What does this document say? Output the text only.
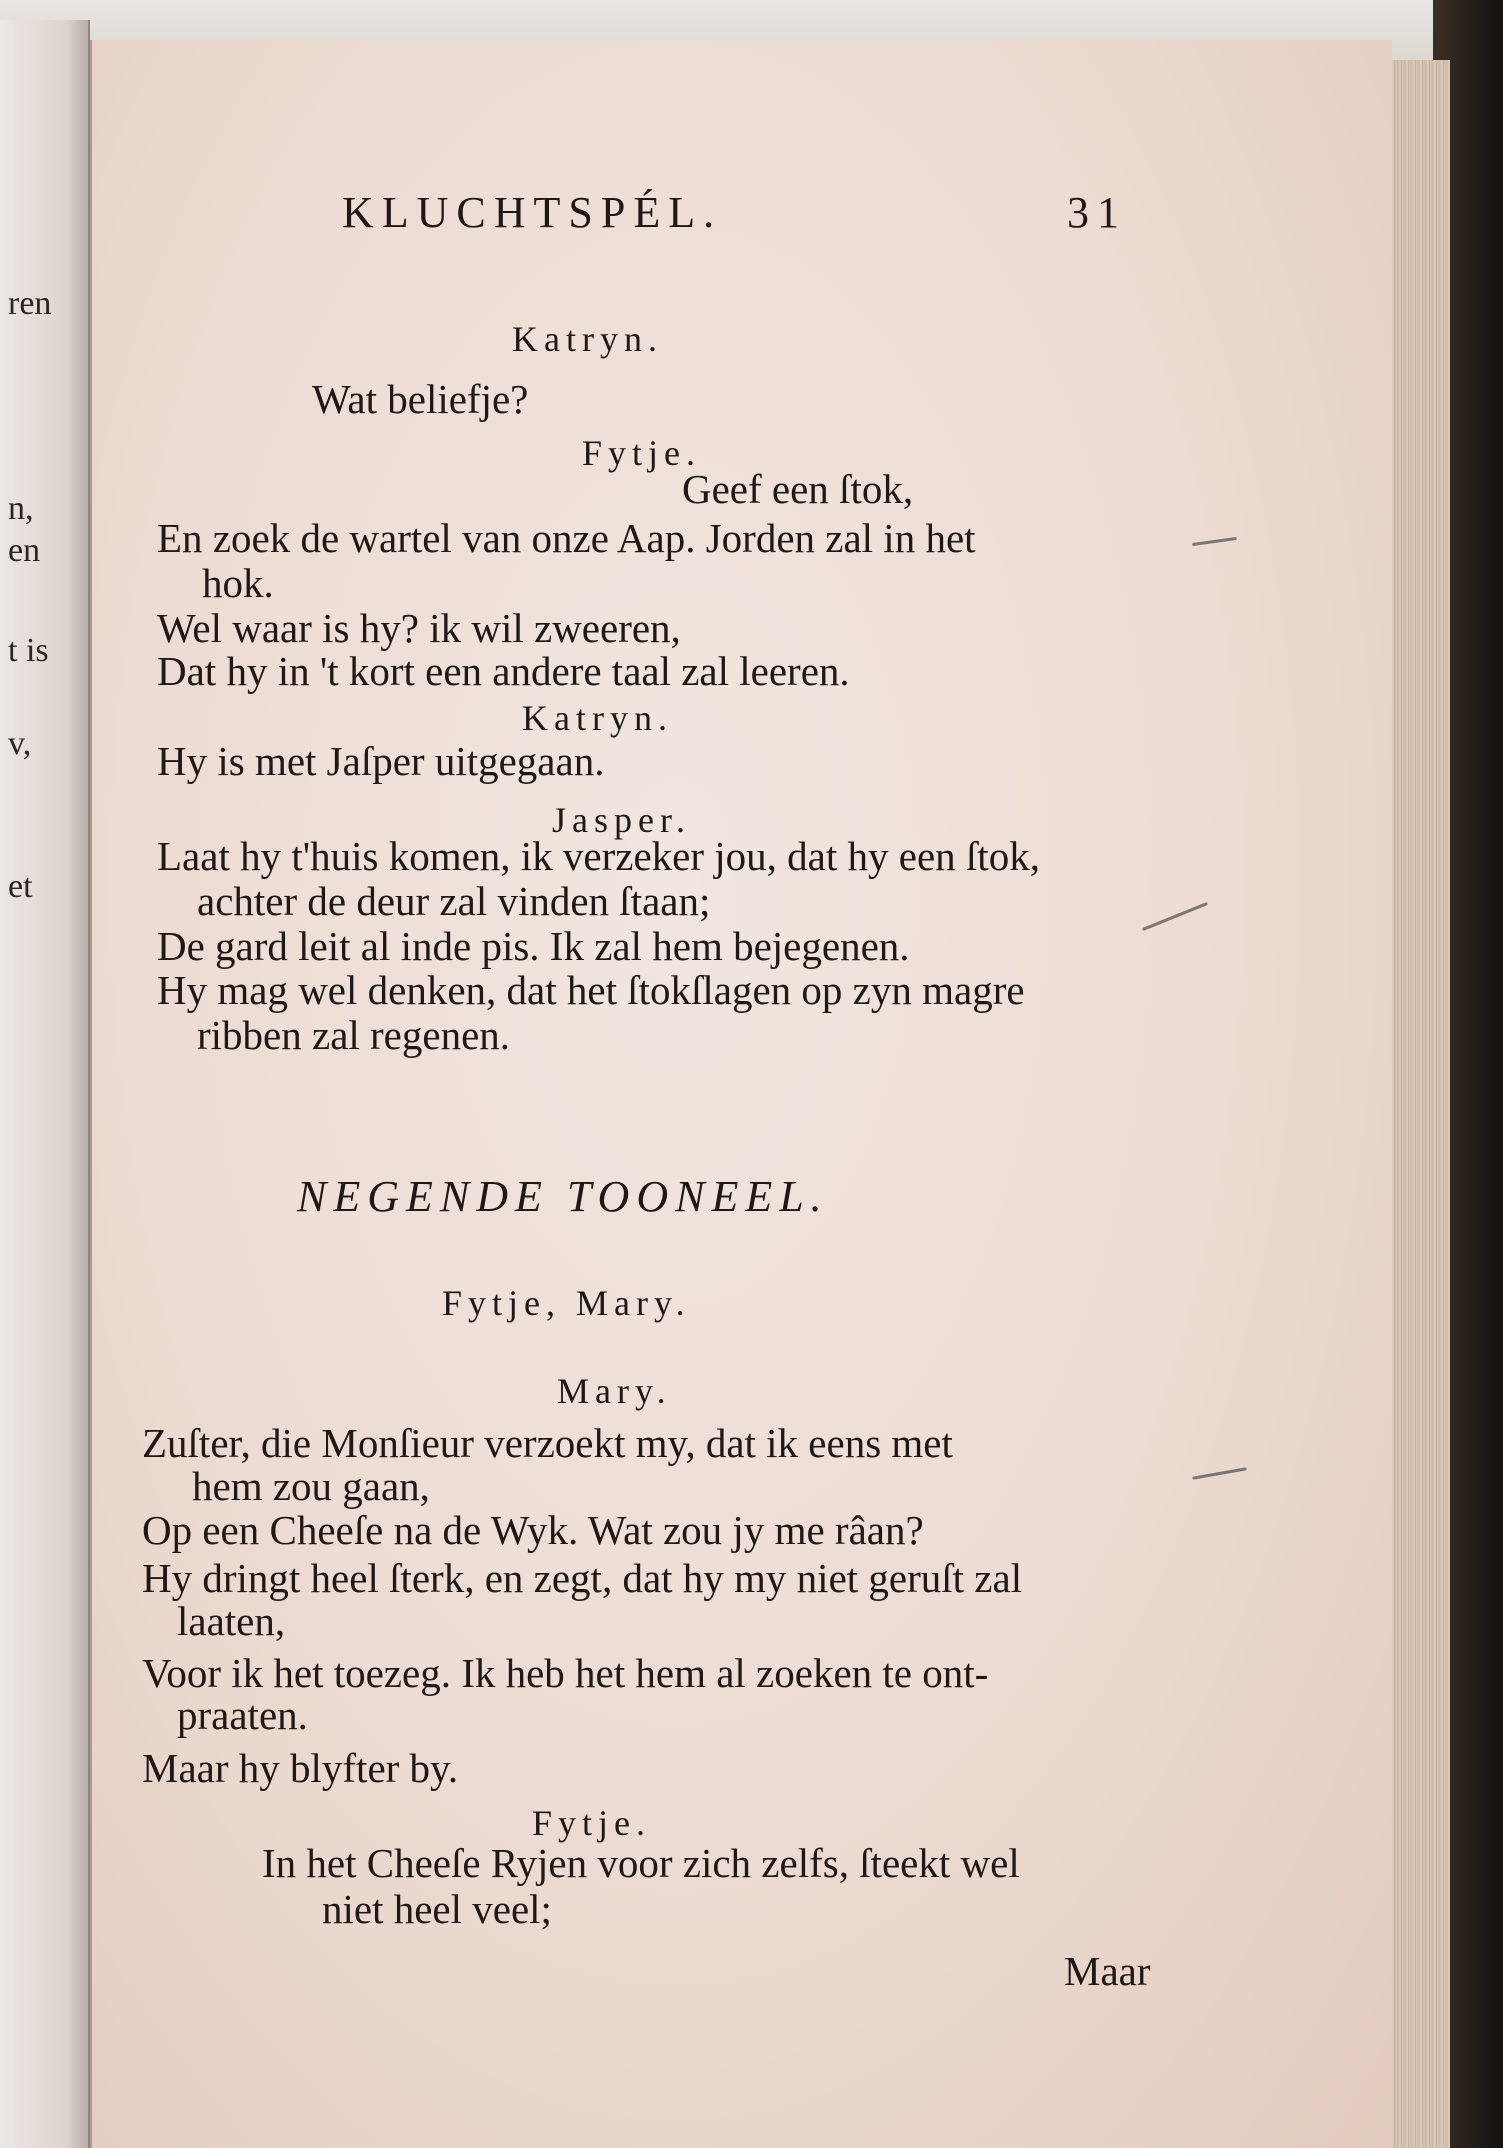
ren
n,
en
t is
v,
et
KLUCHTSPÉL.	31
Katryn.
Wat beliefje?
Fytje.
Geef een ſtok,
En zoek de wartel van onze Aap. Jorden zal in het
hok.
Wel waar is hy? ik wil zweeren,
Dat hy in 't kort een andere taal zal leeren.
Katryn.
Hy is met Jaſper uitgegaan.
Jasper.
Laat hy t'huis komen, ik verzeker jou, dat hy een ſtok,
achter de deur zal vinden ſtaan;
De gard leit al inde pis. Ik zal hem bejegenen.
Hy mag wel denken, dat het ſtokſlagen op zyn magre
ribben zal regenen.
NEGENDE TOONEEL.
Fytje, Mary.
Mary.
Zuſter, die Monſieur verzoekt my, dat ik eens met
hem zou gaan,
Op een Cheeſe na de Wyk. Wat zou jy me râan?
Hy dringt heel ſterk, en zegt, dat hy my niet geruſt zal
laaten,
Voor ik het toezeg. Ik heb het hem al zoeken te ont-
praaten.
Maar hy blyfter by.
Fytje.
In het Cheeſe Ryjen voor zich zelfs, ſteekt wel
niet heel veel;
Maar
